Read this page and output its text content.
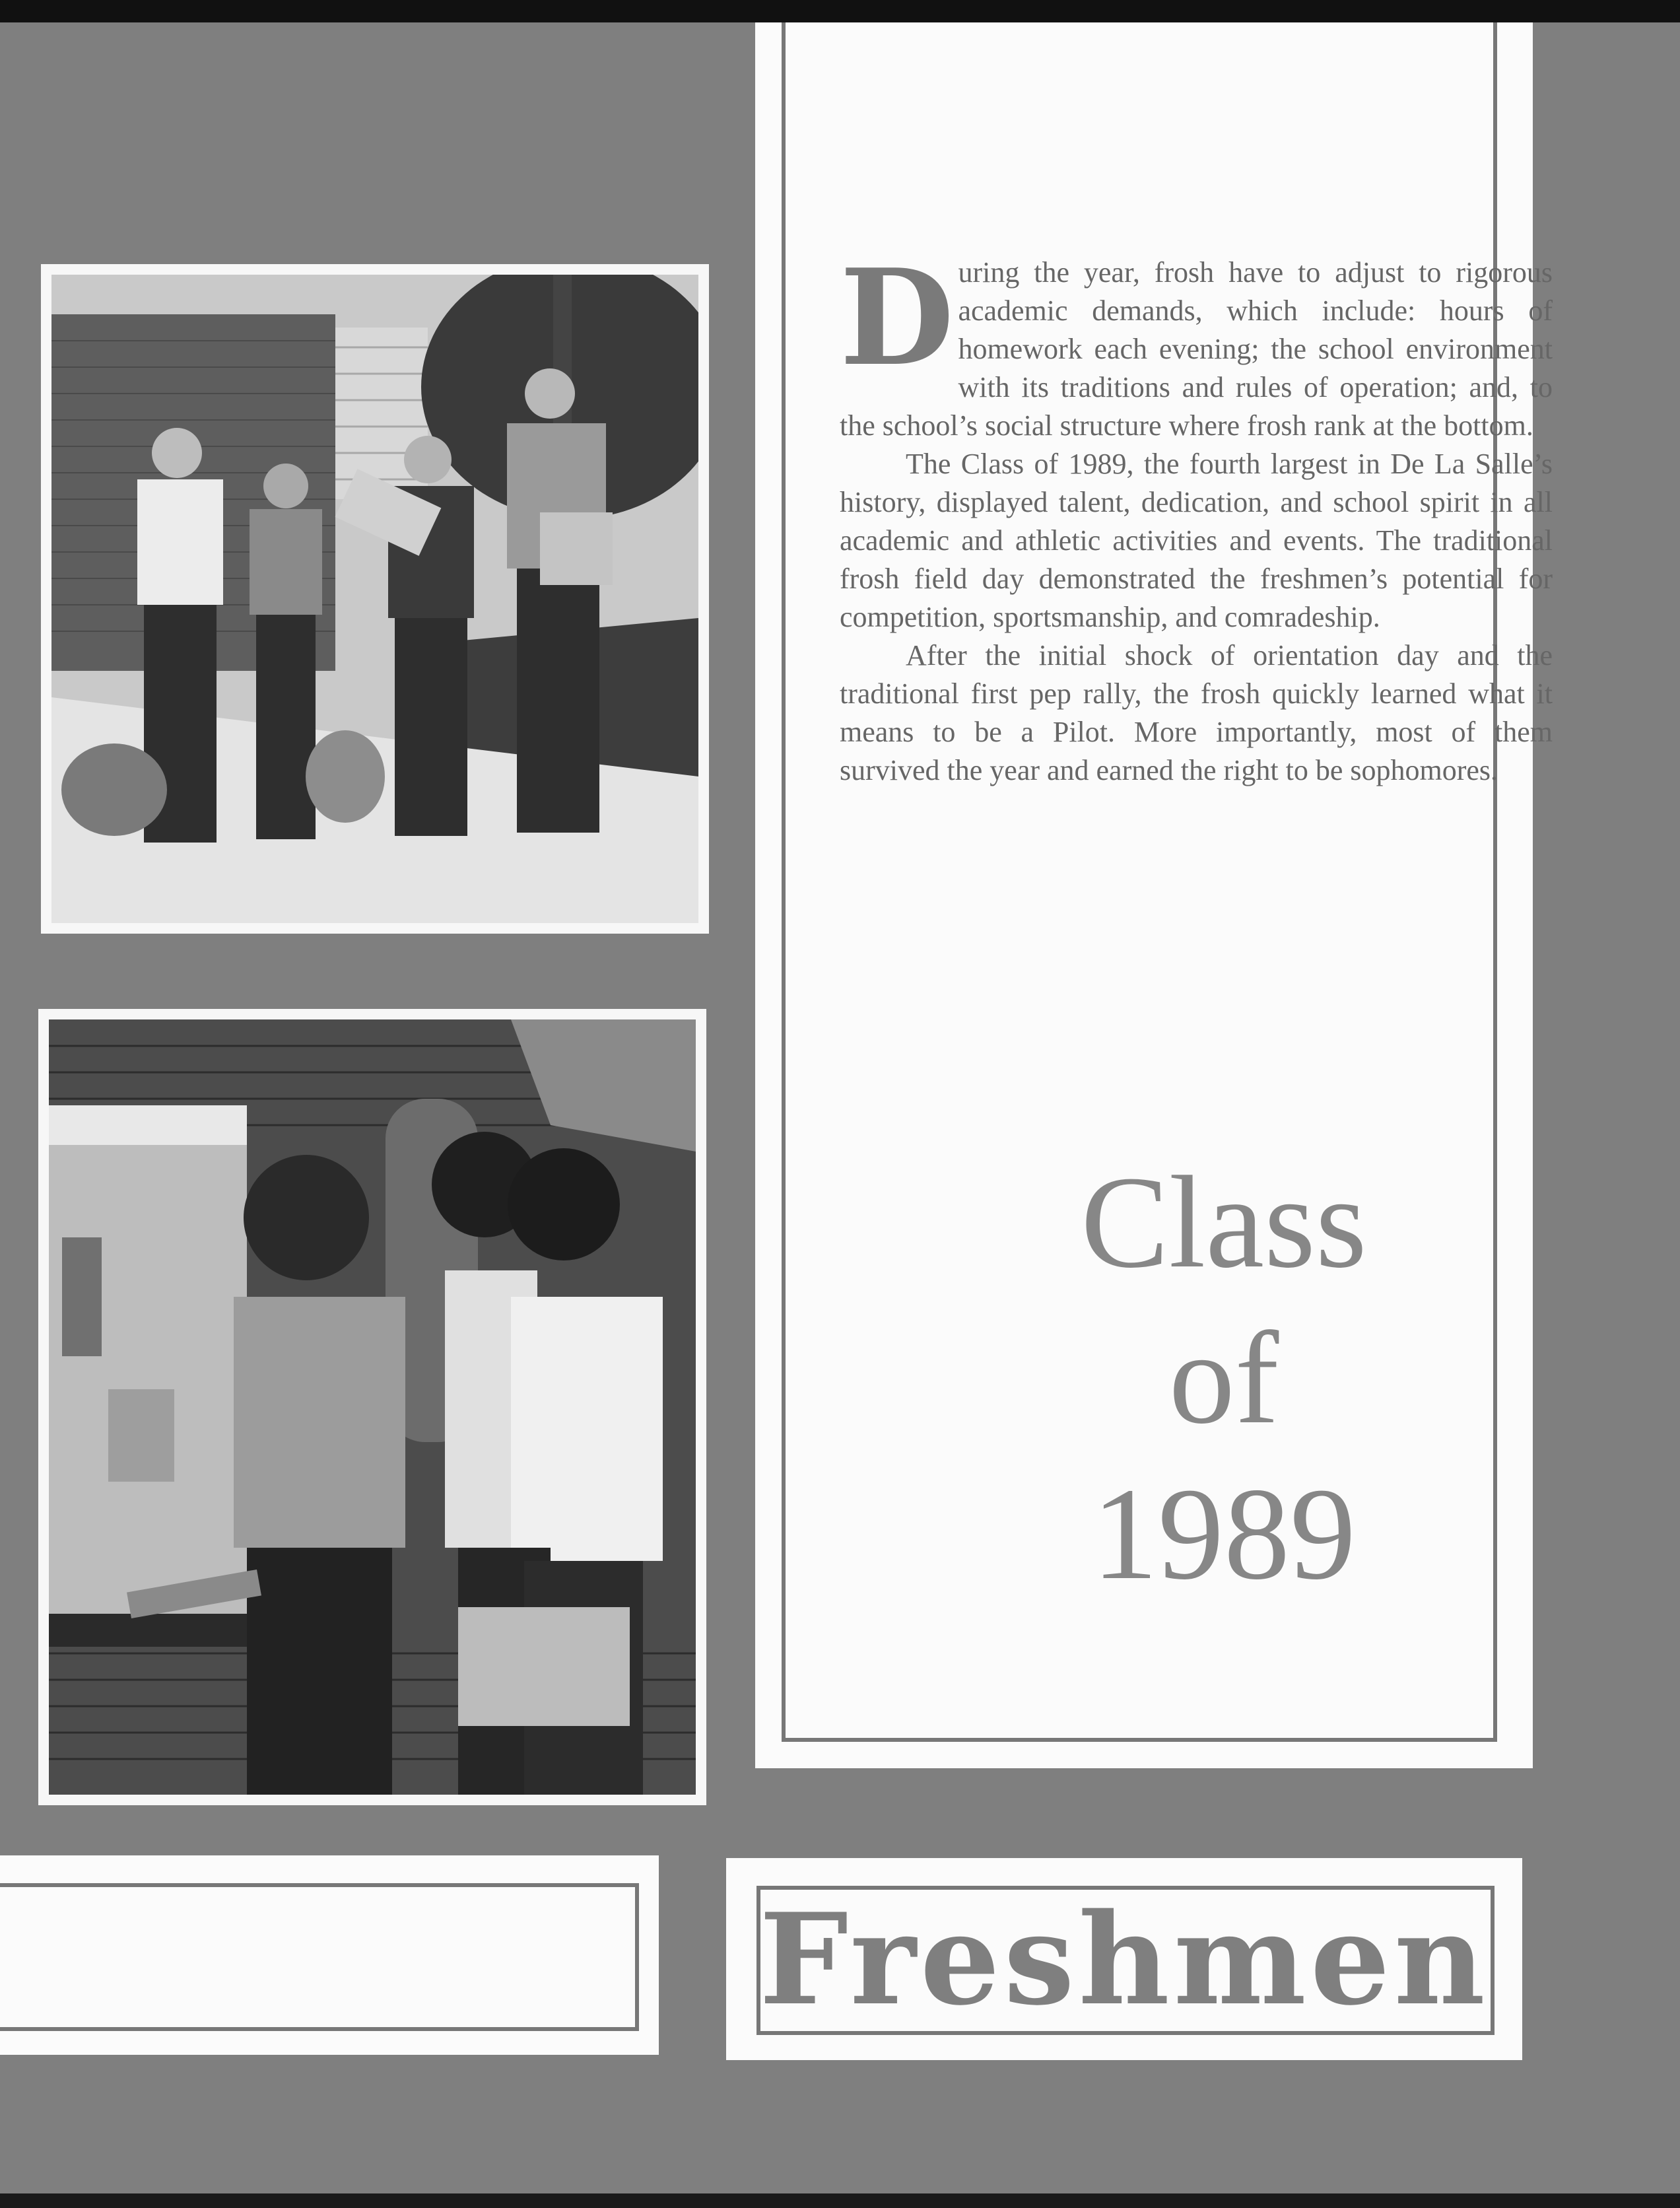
During the year, frosh have to adjust to rigorous academic demands, which include: hours of homework each evening; the school environment with its traditions and rules of operation; and, to the school’s social structure where frosh rank at the bottom.

The Class of 1989, the fourth largest in De La Salle’s history, displayed talent, dedication, and school spirit in all academic and athletic activities and events. The traditional frosh field day demonstrated the freshmen’s potential for competition, sportsmanship, and comradeship.

After the initial shock of orientation day and the traditional first pep rally, the frosh quickly learned what it means to be a Pilot. More importantly, most of them survived the year and earned the right to be sophomores.

Class
of
1989
Freshmen
